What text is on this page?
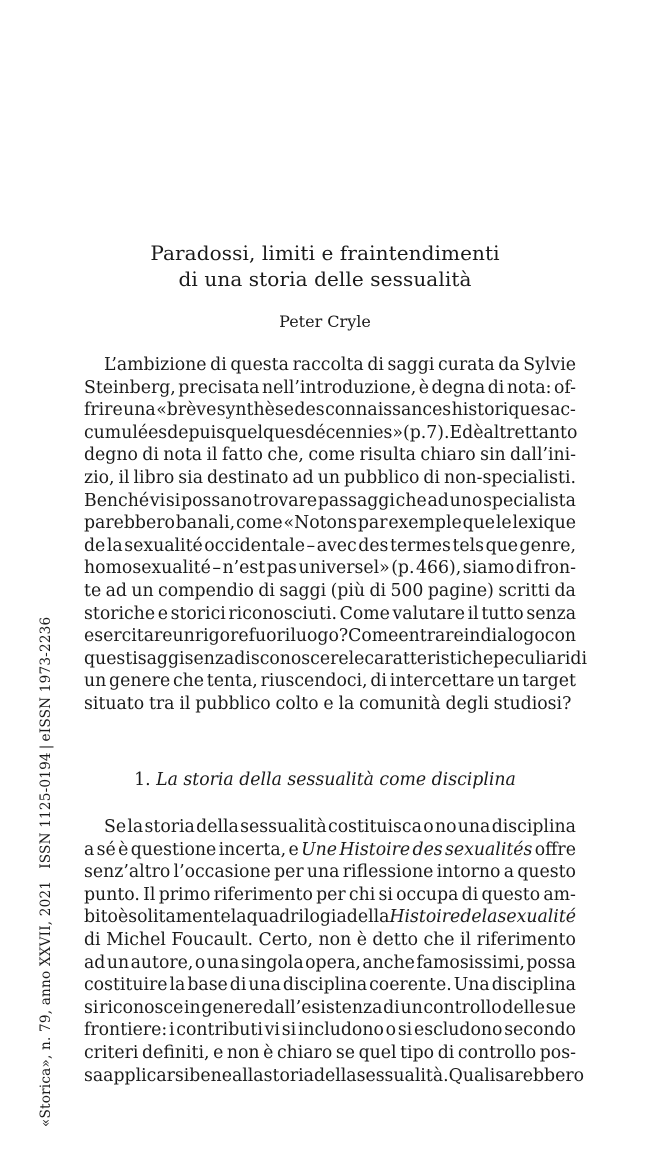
«Storica», n. 79, anno XXVII, 2021ISSN 1125-0194|eISSN 1973-2236
Paradossi, limiti e fraintendimenti
di una storia delle sessualità
Peter Cryle
L’ambizione di questa raccolta di saggi curata da Sylvie
Steinberg, precisata nell’introduzione, è degna di nota: of-
frire una «brève synthèse des connaissances historiques ac-
cumulées depuis quelques décennies» (p. 7). Ed è altrettanto
degno di nota il fatto che, come risulta chiaro sin dall’ini-
zio, il libro sia destinato ad un pubblico di non-specialisti.
Benché vi si possano trovare passaggi che ad uno specialista
parebbero banali, come «Notons par exemple que le lexique
de la sexualité occidentale – avec des termes tels que genre,
homosexualité – n’est pas universel» (p. 466), siamo di fron-
te ad un compendio di saggi (più di 500 pagine) scritti da
storiche e storici riconosciuti. Come valutare il tutto senza
esercitare un rigore fuori luogo? Come entrare in dialogo con
questi saggi senza disconoscere le caratteristiche peculiari di
un genere che tenta, riuscendoci, di intercettare un target
situato tra il pubblico colto e la comunità degli studiosi?
1. La storia della sessualità come disciplina
Se la storia della sessualità costituisca o no una disciplina
a sé è questione incerta, e Une Histoire des sexualités offre
senz’altro l’occasione per una riflessione intorno a questo
punto. Il primo riferimento per chi si occupa di questo am-
bito è solitamente la quadrilogia della Histoire de la sexualité
di Michel Foucault. Certo, non è detto che il riferimento
ad un autore, o una singola opera, anche famosissimi, possa
costituire la base di una disciplina coerente. Una disciplina
si riconosce in genere dall’esistenza di un controllo delle sue
frontiere: i contributi vi si includono o si escludono secondo
criteri definiti, e non è chiaro se quel tipo di controllo pos-
sa applicarsi bene alla storia della sessualità. Quali sarebbero
